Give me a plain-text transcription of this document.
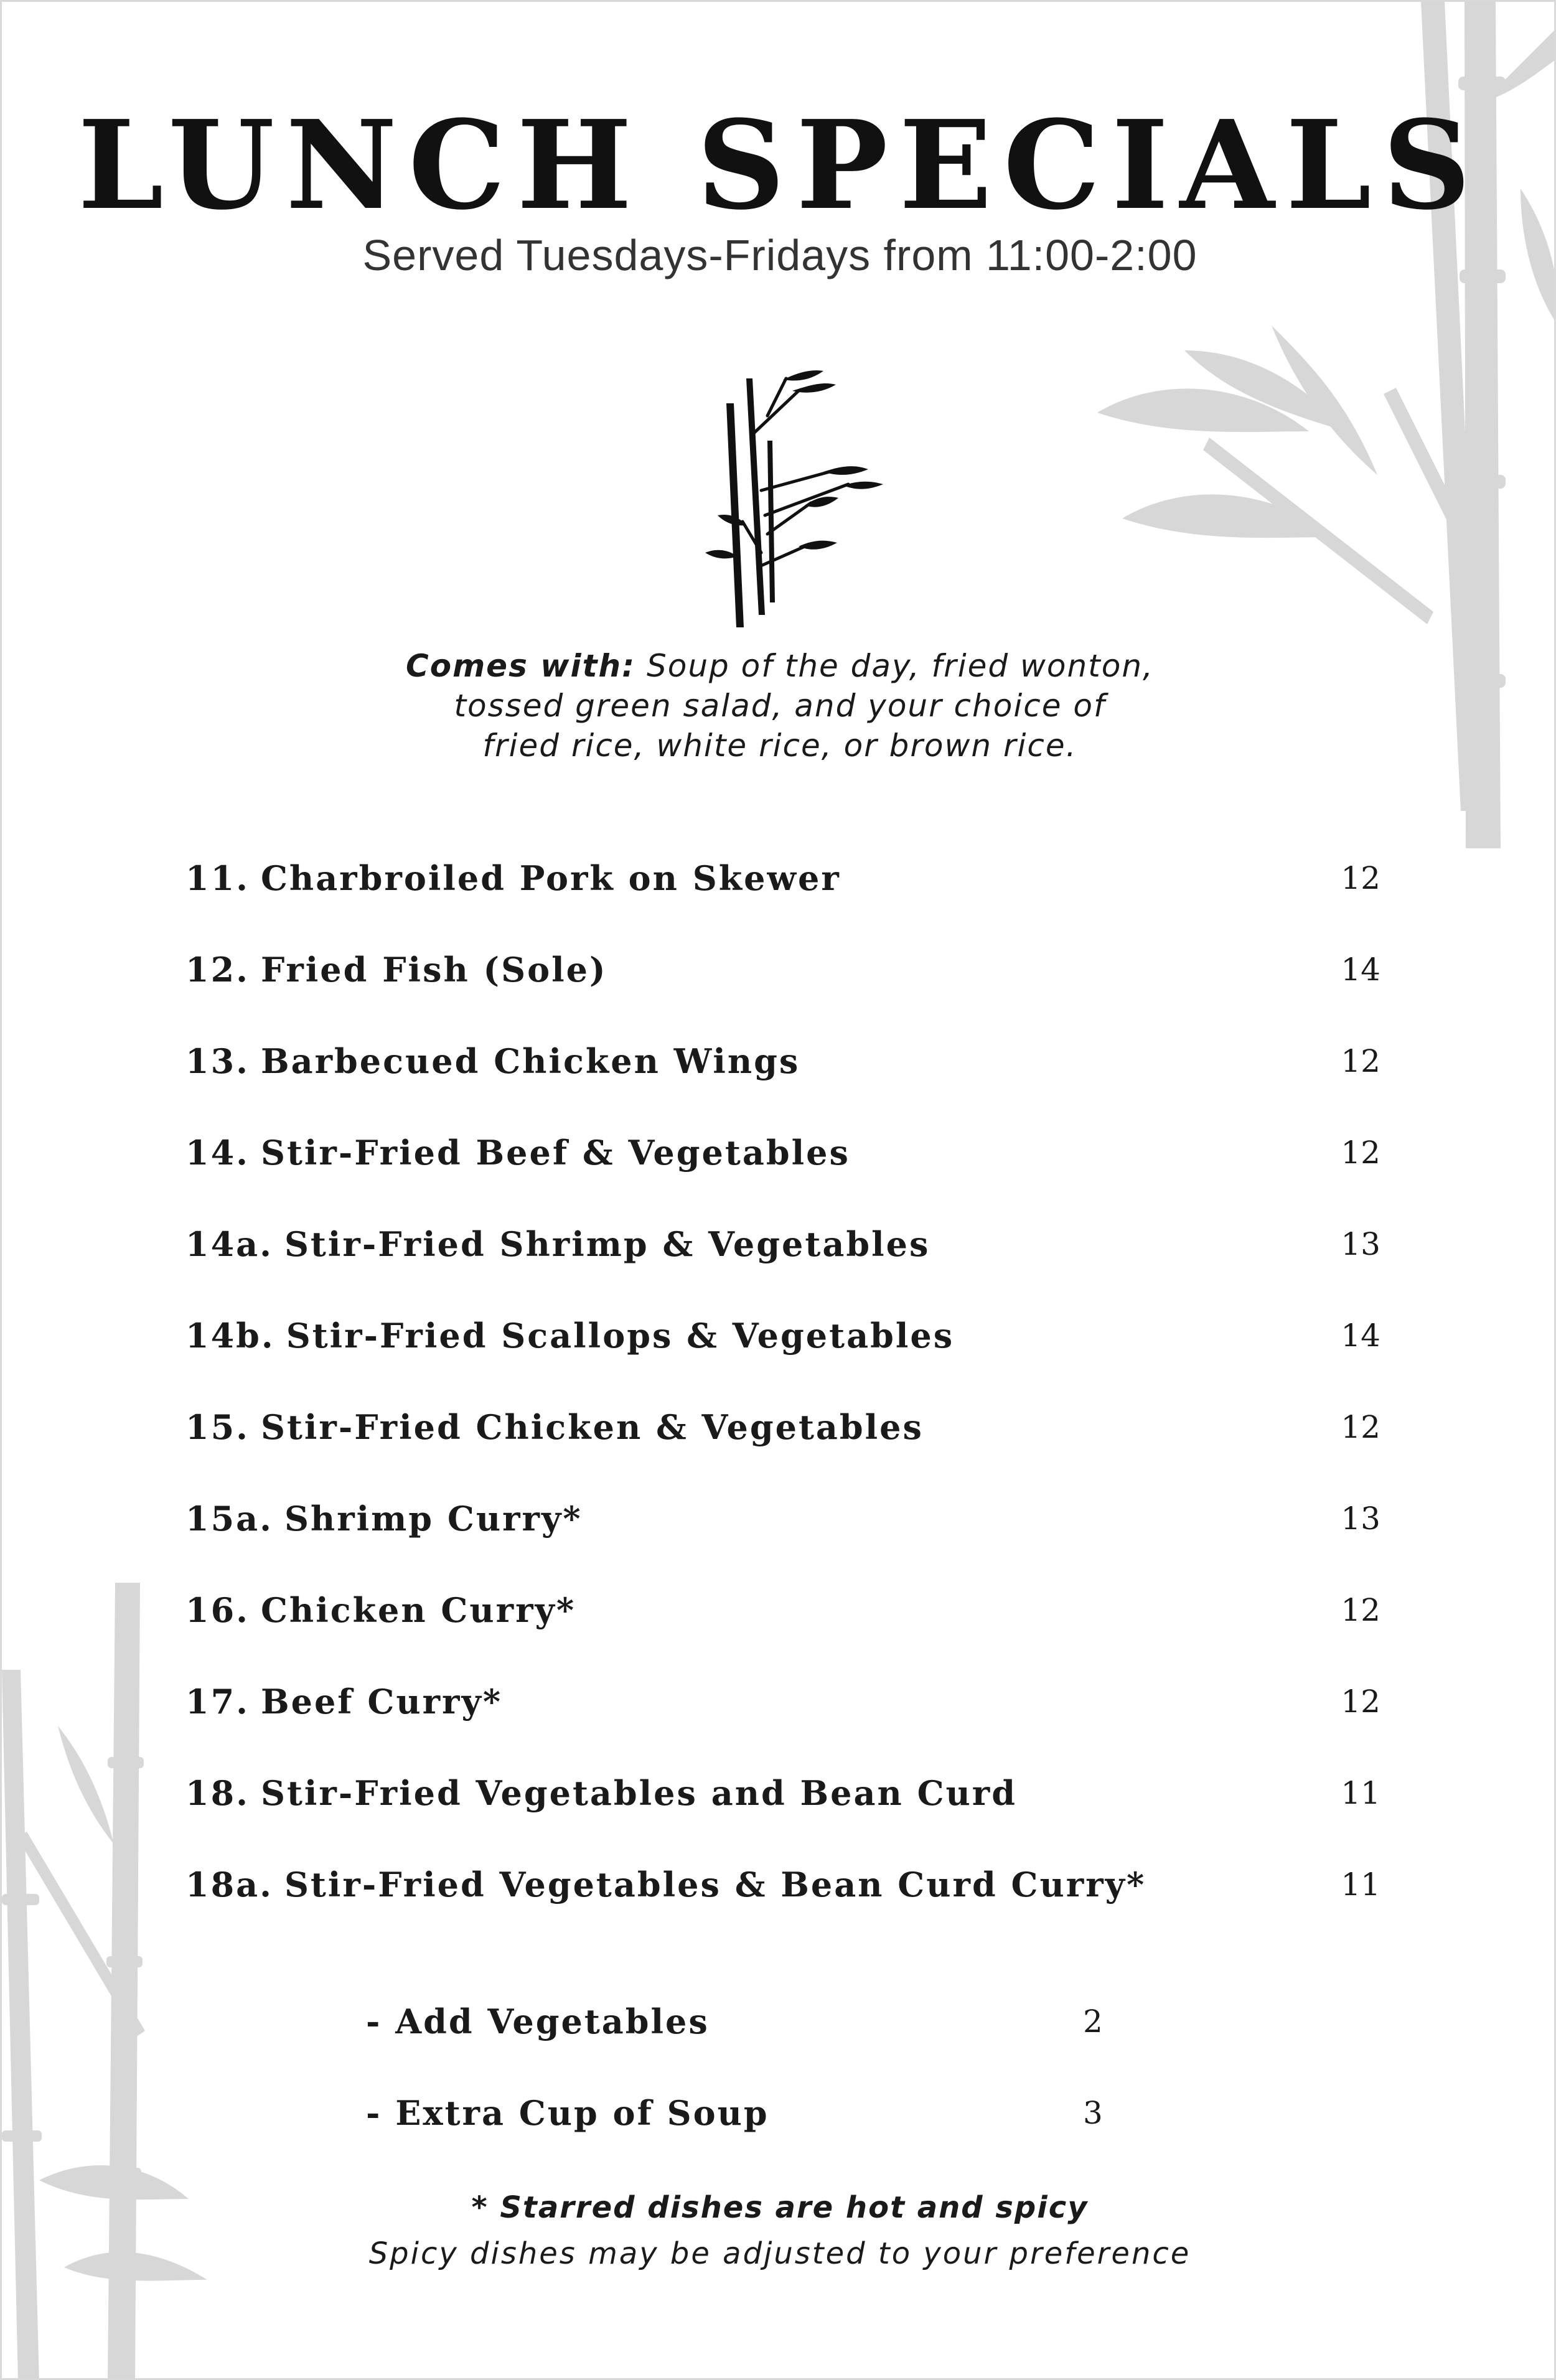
LUNCH SPECIALS
Served Tuesdays-Fridays from 11:00-2:00
Comes with: Soup of the day, fried wonton,
tossed green salad, and your choice of
fried rice, white rice, or brown rice.
11. Charbroiled Pork on Skewer	12
12. Fried Fish (Sole)	14
13. Barbecued Chicken Wings	12
14. Stir-Fried Beef & Vegetables	12
14a. Stir-Fried Shrimp & Vegetables	13
14b. Stir-Fried Scallops & Vegetables	14
15. Stir-Fried Chicken & Vegetables	12
15a. Shrimp Curry*	13
16. Chicken Curry*	12
17. Beef Curry*	12
18. Stir-Fried Vegetables and Bean Curd	11
18a. Stir-Fried Vegetables & Bean Curd Curry*	11
- Add Vegetables	2
- Extra Cup of Soup	3
* Starred dishes are hot and spicy
Spicy dishes may be adjusted to your preference
